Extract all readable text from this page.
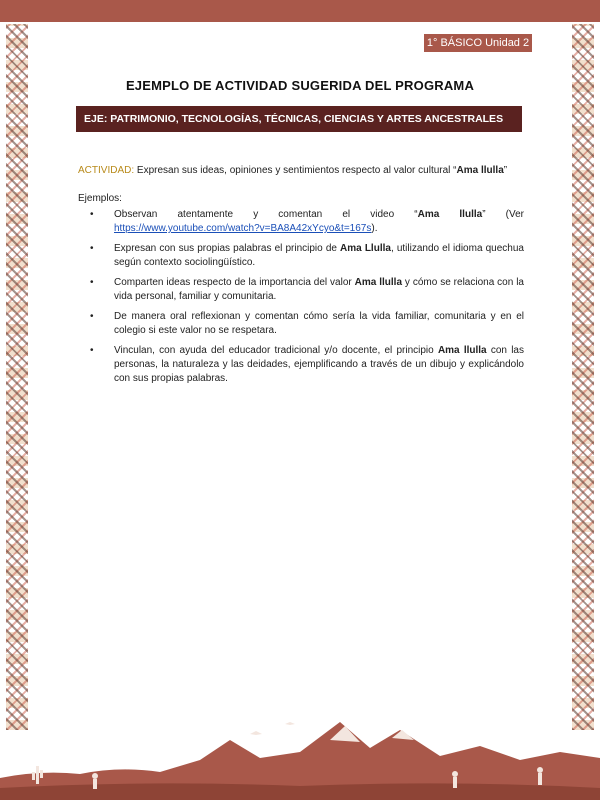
1° BÁSICO Unidad 2
EJEMPLO DE ACTIVIDAD SUGERIDA DEL PROGRAMA
EJE: PATRIMONIO, TECNOLOGÍAS, TÉCNICAS, CIENCIAS Y ARTES ANCESTRALES

ACTIVIDAD: Expresan sus ideas, opiniones y sentimientos respecto al valor cultural “Ama llulla”

Ejemplos:

• Observan atentamente y comentan el video “Ama llulla” (Ver https://www.youtube.com/watch?v=BA8A42xYcyo&t=167s).
• Expresan con sus propias palabras el principio de Ama Llulla, utilizando el idioma quechua según contexto sociolingüístico.
• Comparten ideas respecto de la importancia del valor Ama llulla y cómo se relaciona con la vida personal, familiar y comunitaria.
• De manera oral reflexionan y comentan cómo sería la vida familiar, comunitaria y en el colegio si este valor no se respetara.
• Vinculan, con ayuda del educador tradicional y/o docente, el principio Ama llulla con las personas, la naturaleza y las deidades, ejemplificando a través de un dibujo y explicándolo con sus propias palabras.
